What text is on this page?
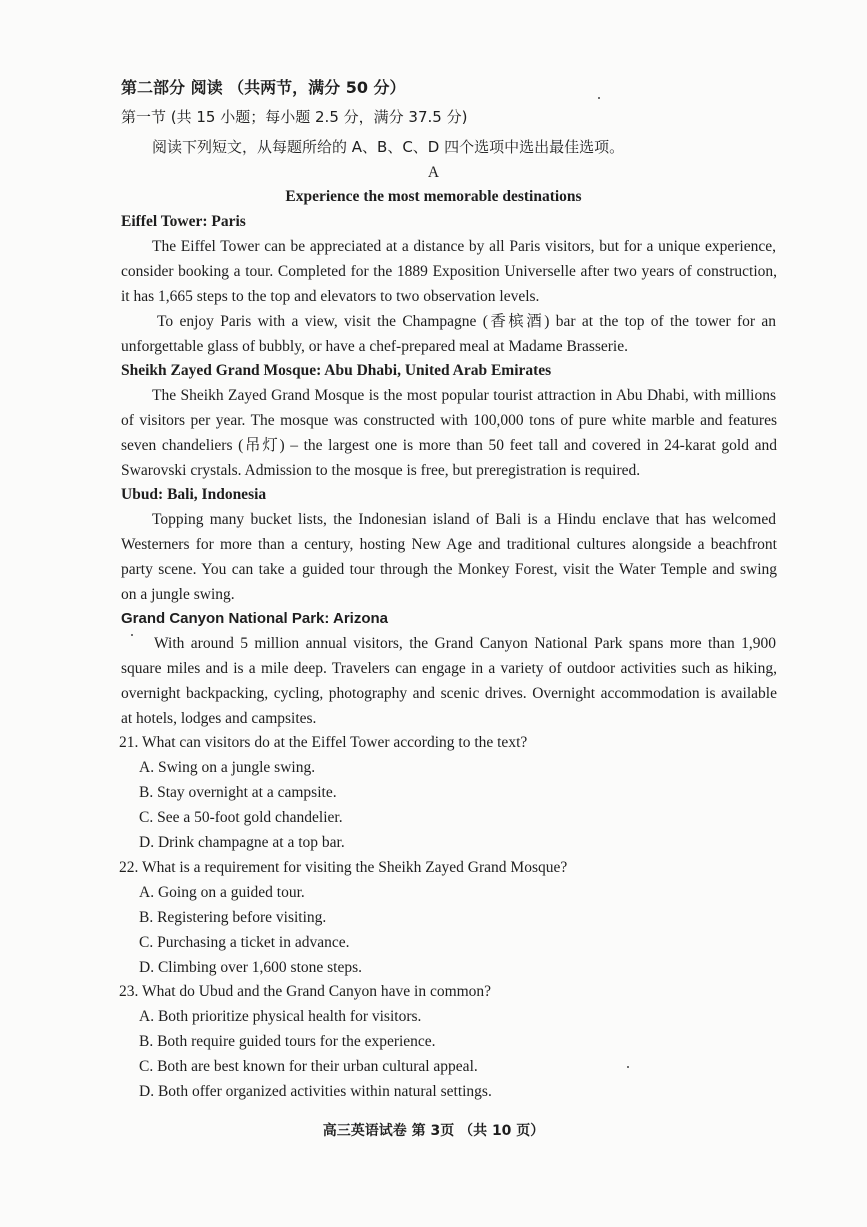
第二部分 阅读 （共两节，满分 50 分）
第一节 (共 15 小题；每小题 2.5 分，满分 37.5 分)
阅读下列短文，从每题所给的 A、B、C、D 四个选项中选出最佳选项。
A
Experience the most memorable destinations
Eiffel Tower: Paris
The Eiffel Tower can be appreciated at a distance by all Paris visitors, but for a unique experience,
consider booking a tour. Completed for the 1889 Exposition Universelle after two years of construction,
it has 1,665 steps to the top and elevators to two observation levels.
To enjoy Paris with a view, visit the Champagne (香槟酒) bar at the top of the tower for an
unforgettable glass of bubbly, or have a chef-prepared meal at Madame Brasserie.
Sheikh Zayed Grand Mosque: Abu Dhabi, United Arab Emirates
The Sheikh Zayed Grand Mosque is the most popular tourist attraction in Abu Dhabi, with millions
of visitors per year. The mosque was constructed with 100,000 tons of pure white marble and features
seven chandeliers (吊灯) – the largest one is more than 50 feet tall and covered in 24-karat gold and
Swarovski crystals. Admission to the mosque is free, but preregistration is required.
Ubud: Bali, Indonesia
Topping many bucket lists, the Indonesian island of Bali is a Hindu enclave that has welcomed
Westerners for more than a century, hosting New Age and traditional cultures alongside a beachfront
party scene. You can take a guided tour through the Monkey Forest, visit the Water Temple and swing
on a jungle swing.
Grand Canyon National Park: Arizona
With around 5 million annual visitors, the Grand Canyon National Park spans more than 1,900
square miles and is a mile deep. Travelers can engage in a variety of outdoor activities such as hiking,
overnight backpacking, cycling, photography and scenic drives. Overnight accommodation is available
at hotels, lodges and campsites.
21. What can visitors do at the Eiffel Tower according to the text?
A. Swing on a jungle swing.
B. Stay overnight at a campsite.
C. See a 50-foot gold chandelier.
D. Drink champagne at a top bar.
22. What is a requirement for visiting the Sheikh Zayed Grand Mosque?
A. Going on a guided tour.
B. Registering before visiting.
C. Purchasing a ticket in advance.
D. Climbing over 1,600 stone steps.
23. What do Ubud and the Grand Canyon have in common?
A. Both prioritize physical health for visitors.
B. Both require guided tours for the experience.
C. Both are best known for their urban cultural appeal.
D. Both offer organized activities within natural settings.
高三英语试卷 第 3页 （共 10 页）
